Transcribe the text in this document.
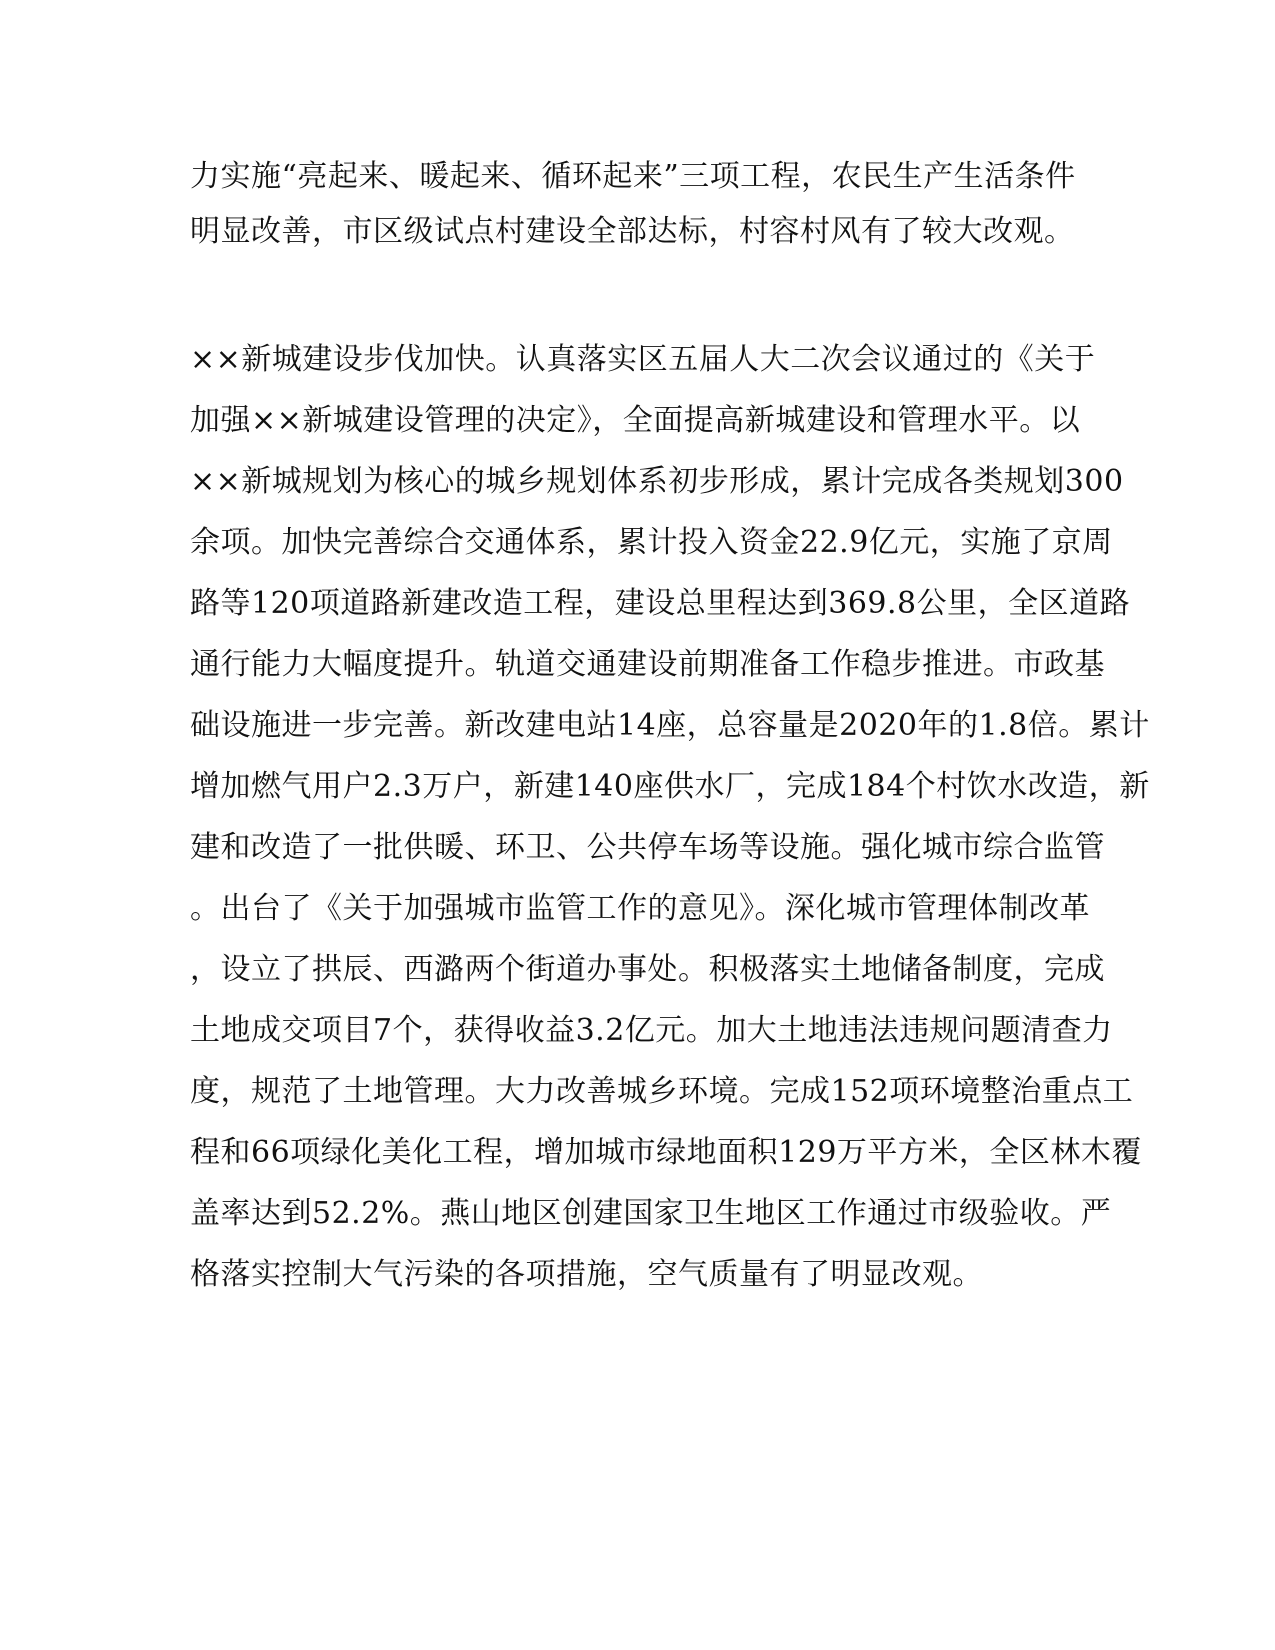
力实施“亮起来、暖起来、循环起来”三项工程，农民生产生活条件
明显改善，市区级试点村建设全部达标，村容村风有了较大改观。
××新城建设步伐加快。认真落实区五届人大二次会议通过的《关于
加强××新城建设管理的决定》，全面提高新城建设和管理水平。以
××新城规划为核心的城乡规划体系初步形成，累计完成各类规划300
余项。加快完善综合交通体系，累计投入资金22.9亿元，实施了京周
路等120项道路新建改造工程，建设总里程达到369.8公里，全区道路
通行能力大幅度提升。轨道交通建设前期准备工作稳步推进。市政基
础设施进一步完善。新改建电站14座，总容量是2020年的1.8倍。累计
增加燃气用户2.3万户，新建140座供水厂，完成184个村饮水改造，新
建和改造了一批供暖、环卫、公共停车场等设施。强化城市综合监管
。出台了《关于加强城市监管工作的意见》。深化城市管理体制改革
，设立了拱辰、西潞两个街道办事处。积极落实土地储备制度，完成
土地成交项目7个，获得收益3.2亿元。加大土地违法违规问题清查力
度，规范了土地管理。大力改善城乡环境。完成152项环境整治重点工
程和66项绿化美化工程，增加城市绿地面积129万平方米，全区林木覆
盖率达到52.2%。燕山地区创建国家卫生地区工作通过市级验收。严
格落实控制大气污染的各项措施，空气质量有了明显改观。
